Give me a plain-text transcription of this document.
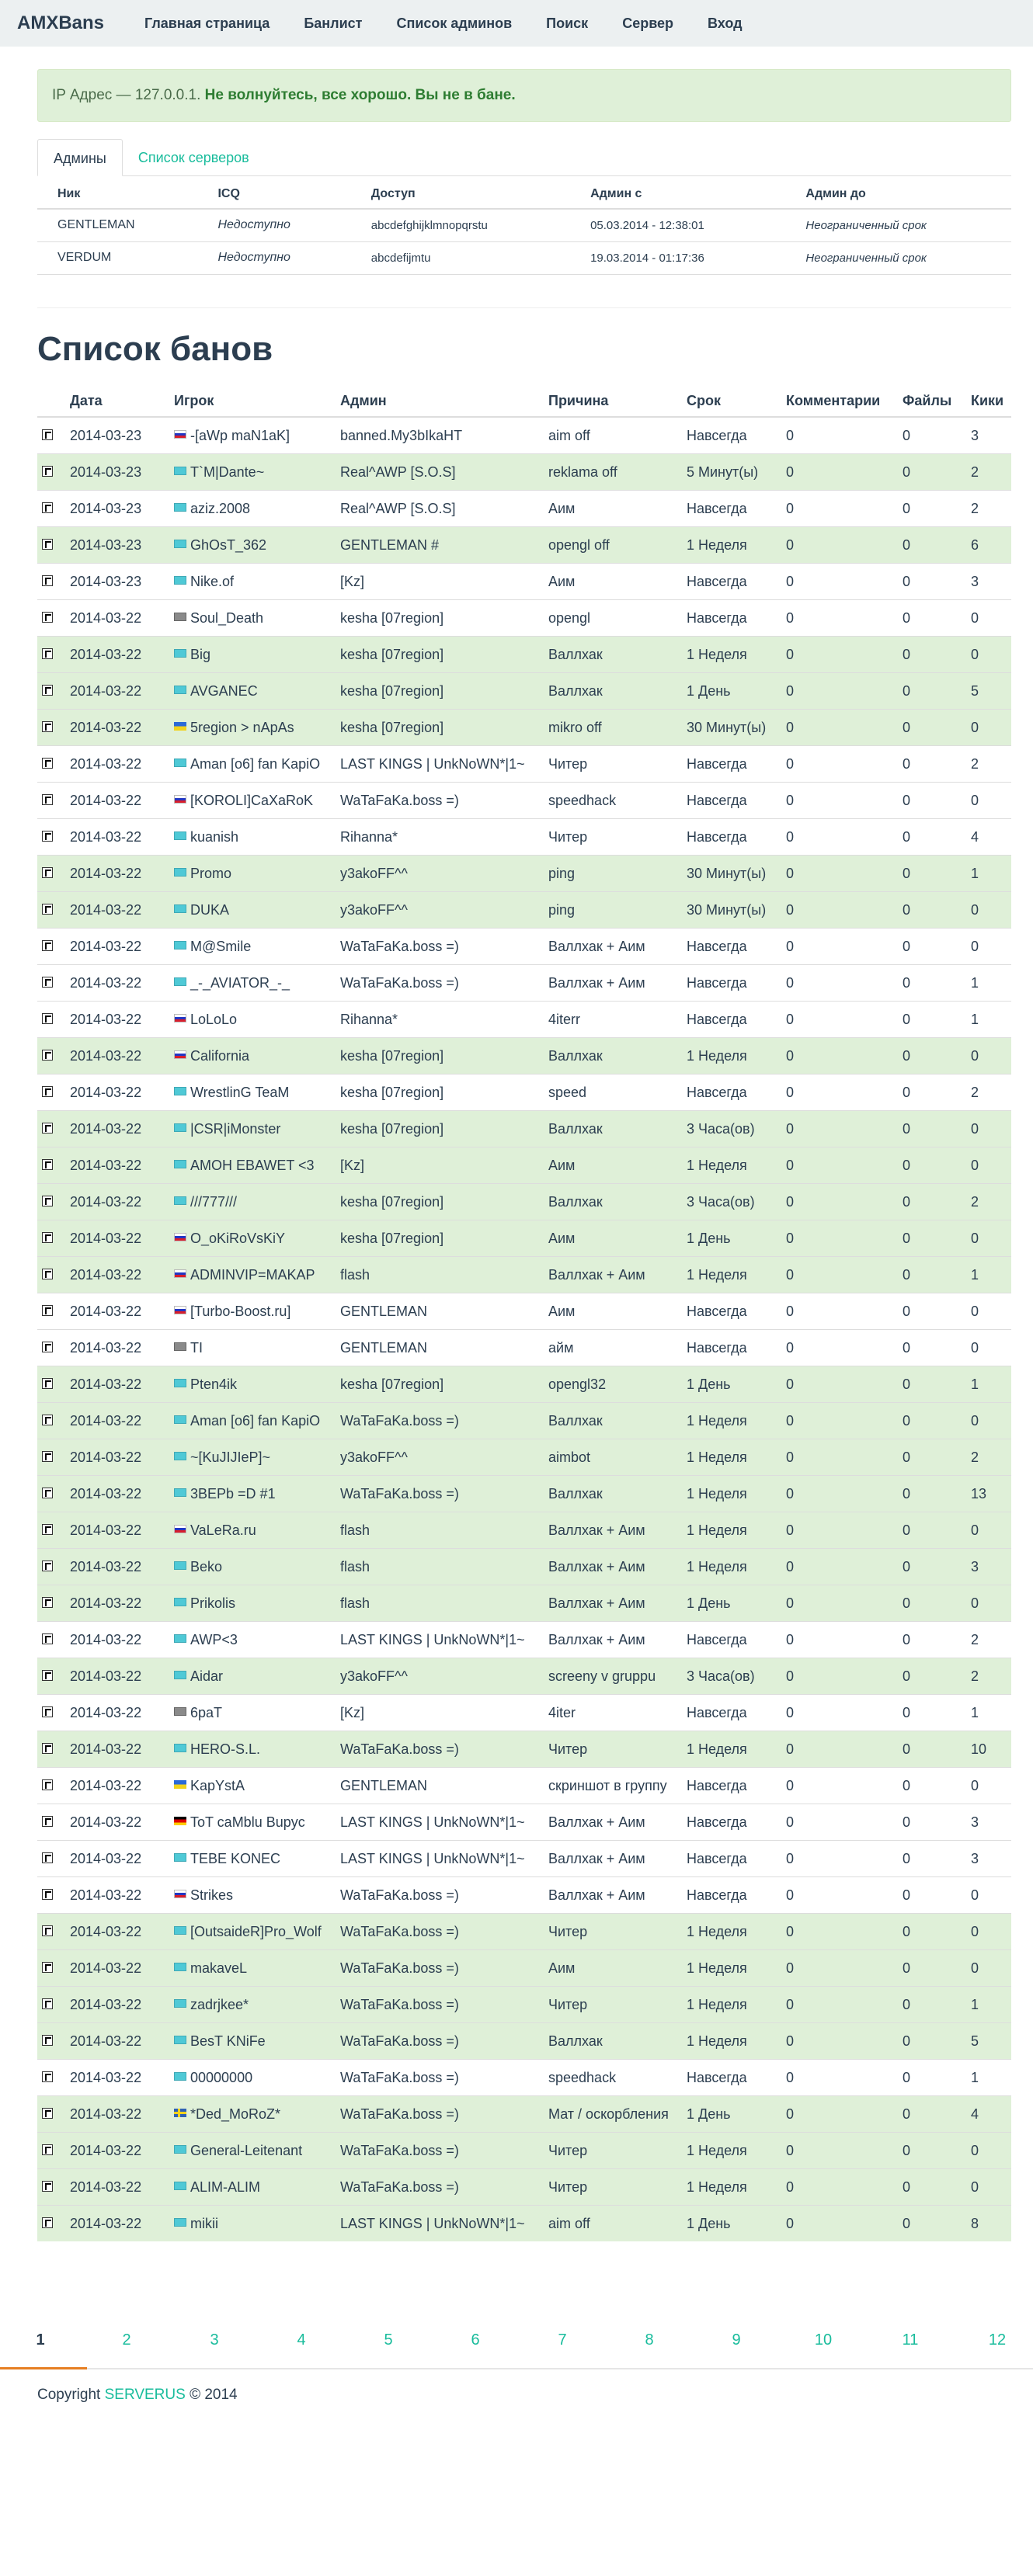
AMXBans	Главная страница Банлист Список админов Поиск Сервер Вход
IP Адрес — 127.0.0.1. Не волнуйтесь, все хорошо. Вы не в бане.
Админы	Список серверов
Ник	ICQ	Доступ	Админ с	Админ до
GENTLEMAN	Недоступно	abcdefghijklmnopqrstu	05.03.2014 - 12:38:01	Неограниченный срок
VERDUM	Недоступно	abcdefijmtu	19.03.2014 - 01:17:36	Неограниченный срок
Список банов
	Дата	Игрок	Админ	Причина	Срок	Комментарии	Файлы	Кики
	2014-03-23	-[aWp maN1aK]	banned.My3bIkaHT	aim off	Навсегда	0	0	3
	2014-03-23	T`M|Dante~	Real^AWP [S.O.S]	reklama off	5 Минут(ы)	0	0	2
	2014-03-23	aziz.2008	Real^AWP [S.O.S]	Аим	Навсегда	0	0	2
	2014-03-23	GhOsT_362	GENTLEMAN #	opengl off	1 Неделя	0	0	6
	2014-03-23	Nike.of	[Kz]	Аим	Навсегда	0	0	3
	2014-03-22	Soul_Death	kesha [07region]	opengl	Навсегда	0	0	0
	2014-03-22	Big	kesha [07region]	Валлхак	1 Неделя	0	0	0
	2014-03-22	AVGANEC	kesha [07region]	Валлхак	1 День	0	0	5
	2014-03-22	5region > nApAs	kesha [07region]	mikro off	30 Минут(ы)	0	0	0
	2014-03-22	Aman [o6] fan KapiO	LAST KINGS | UnkNoWN*|1~	Читер	Навсегда	0	0	2
	2014-03-22	[KOROLI]CaXaRoK	WaTaFaKa.boss =)	speedhack	Навсегда	0	0	0
	2014-03-22	kuanish	Rihanna*	Читер	Навсегда	0	0	4
	2014-03-22	Promo	y3akoFF^^	ping	30 Минут(ы)	0	0	1
	2014-03-22	DUKA	y3akoFF^^	ping	30 Минут(ы)	0	0	0
	2014-03-22	M@Smile	WaTaFaKa.boss =)	Валлхак + Аим	Навсегда	0	0	0
	2014-03-22	_-_AVIATOR_-_	WaTaFaKa.boss =)	Валлхак + Аим	Навсегда	0	0	1
	2014-03-22	LoLoLo	Rihanna*	4iterr	Навсегда	0	0	1
	2014-03-22	California	kesha [07region]	Валлхак	1 Неделя	0	0	0
	2014-03-22	WrestlinG TeaM	kesha [07region]	speed	Навсегда	0	0	2
	2014-03-22	|CSR|iMonster	kesha [07region]	Валлхак	3 Часа(ов)	0	0	0
	2014-03-22	AMOH EBAWET <3	[Kz]	Аим	1 Неделя	0	0	0
	2014-03-22	///777///	kesha [07region]	Валлхак	3 Часа(ов)	0	0	2
	2014-03-22	O_oKiRoVsKiY	kesha [07region]	Аим	1 День	0	0	0
	2014-03-22	ADMINVIP=MAKAP	flash	Валлхак + Аим	1 Неделя	0	0	1
	2014-03-22	[Turbo-Boost.ru]	GENTLEMAN	Аим	Навсегда	0	0	0
	2014-03-22	TI	GENTLEMAN	айм	Навсегда	0	0	0
	2014-03-22	Pten4ik	kesha [07region]	opengl32	1 День	0	0	1
	2014-03-22	Aman [o6] fan KapiO	WaTaFaKa.boss =)	Валлхак	1 Неделя	0	0	0
	2014-03-22	~[KuJIJIeP]~	y3akoFF^^	aimbot	1 Неделя	0	0	2
	2014-03-22	3BEPb =D #1	WaTaFaKa.boss =)	Валлхак	1 Неделя	0	0	13
	2014-03-22	VaLeRa.ru	flash	Валлхак + Аим	1 Неделя	0	0	0
	2014-03-22	Beko	flash	Валлхак + Аим	1 Неделя	0	0	3
	2014-03-22	Prikolis	flash	Валлхак + Аим	1 День	0	0	0
	2014-03-22	AWP<3	LAST KINGS | UnkNoWN*|1~	Валлхак + Аим	Навсегда	0	0	2
	2014-03-22	Aidar	y3akoFF^^	screeny v gruppu	3 Часа(ов)	0	0	2
	2014-03-22	6paT	[Kz]	4iter	Навсегда	0	0	1
	2014-03-22	HERO-S.L.	WaTaFaKa.boss =)	Читер	1 Неделя	0	0	10
	2014-03-22	KapYstA	GENTLEMAN	скриншот в группу	Навсегда	0	0	0
	2014-03-22	ToT caMblu Bupyc	LAST KINGS | UnkNoWN*|1~	Валлхак + Аим	Навсегда	0	0	3
	2014-03-22	TEBE KONEC	LAST KINGS | UnkNoWN*|1~	Валлхак + Аим	Навсегда	0	0	3
	2014-03-22	Strikes	WaTaFaKa.boss =)	Валлхак + Аим	Навсегда	0	0	0
	2014-03-22	[OutsaideR]Pro_Wolf	WaTaFaKa.boss =)	Читер	1 Неделя	0	0	0
	2014-03-22	makaveL	WaTaFaKa.boss =)	Аим	1 Неделя	0	0	0
	2014-03-22	zadrjkee*	WaTaFaKa.boss =)	Читер	1 Неделя	0	0	1
	2014-03-22	BesT KNiFe	WaTaFaKa.boss =)	Валлхак	1 Неделя	0	0	5
	2014-03-22	00000000	WaTaFaKa.boss =)	speedhack	Навсегда	0	0	1
	2014-03-22	*Ded_MoRoZ*	WaTaFaKa.boss =)	Мат / оскорбления	1 День	0	0	4
	2014-03-22	General-Leitenant	WaTaFaKa.boss =)	Читер	1 Неделя	0	0	0
	2014-03-22	ALIM-ALIM	WaTaFaKa.boss =)	Читер	1 Неделя	0	0	0
	2014-03-22	mikii	LAST KINGS | UnkNoWN*|1~	aim off	1 День	0	0	8
1	2	3	4	5	6	7	8	9	10	11	12
Copyright SERVERUS © 2014
